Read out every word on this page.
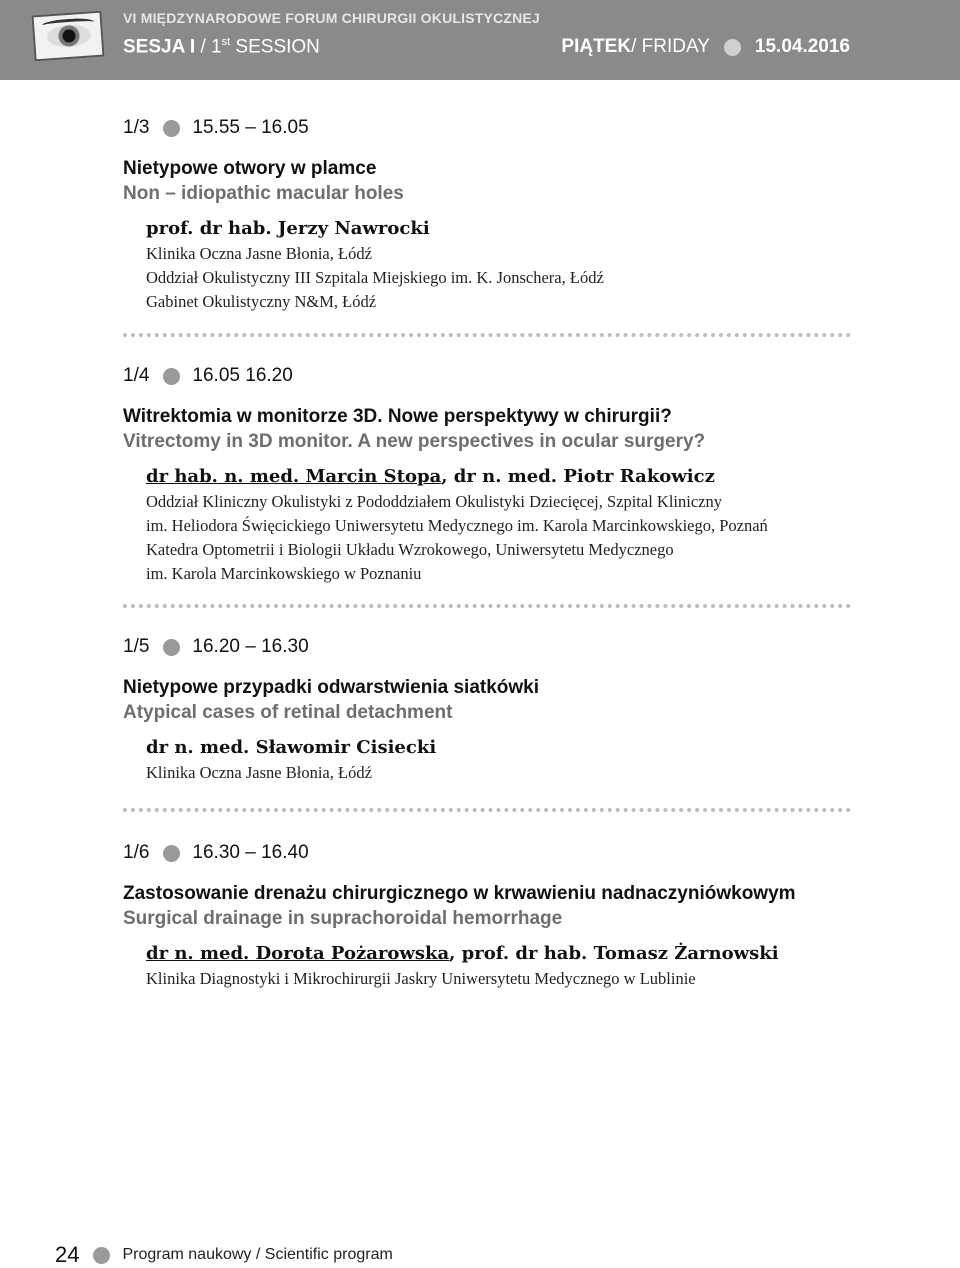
VI MIĘDZYNARODOWE FORUM CHIRURGII OKULISTYCZNEJ
SESJA I / 1st SESSION	PIĄTEK / FRIDAY 15.04.2016
1/3 15.55 – 16.05
Nietypowe otwory w plamce
Non – idiopathic macular holes
prof. dr hab. Jerzy Nawrocki
Klinika Oczna Jasne Błonia, Łódź
Oddział Okulistyczny III Szpitala Miejskiego im. K. Jonschera, Łódź
Gabinet Okulistyczny N&M, Łódź
1/4 16.05 16.20
Witrektomia w monitorze 3D. Nowe perspektywy w chirurgii?
Vitrectomy in 3D monitor. A new perspectives in ocular surgery?
dr hab. n. med. Marcin Stopa, dr n. med. Piotr Rakowicz
Oddział Kliniczny Okulistyki z Pododdziałem Okulistyki Dziecięcej, Szpital Kliniczny
im. Heliodora Święcickiego Uniwersytetu Medycznego im. Karola Marcinkowskiego, Poznań
Katedra Optometrii i Biologii Układu Wzrokowego, Uniwersytetu Medycznego
im. Karola Marcinkowskiego w Poznaniu
1/5 16.20 – 16.30
Nietypowe przypadki odwarstwienia siatkówki
Atypical cases of retinal detachment
dr n. med. Sławomir Cisiecki
Klinika Oczna Jasne Błonia, Łódź
1/6 16.30 – 16.40
Zastosowanie drenażu chirurgicznego w krwawieniu nadnaczyniówkowym
Surgical drainage in suprachoroidal hemorrhage
dr n. med. Dorota Pożarowska, prof. dr hab. Tomasz Żarnowski
Klinika Diagnostyki i Mikrochirurgii Jaskry Uniwersytetu Medycznego w Lublinie
24	Program naukowy / Scientific program
